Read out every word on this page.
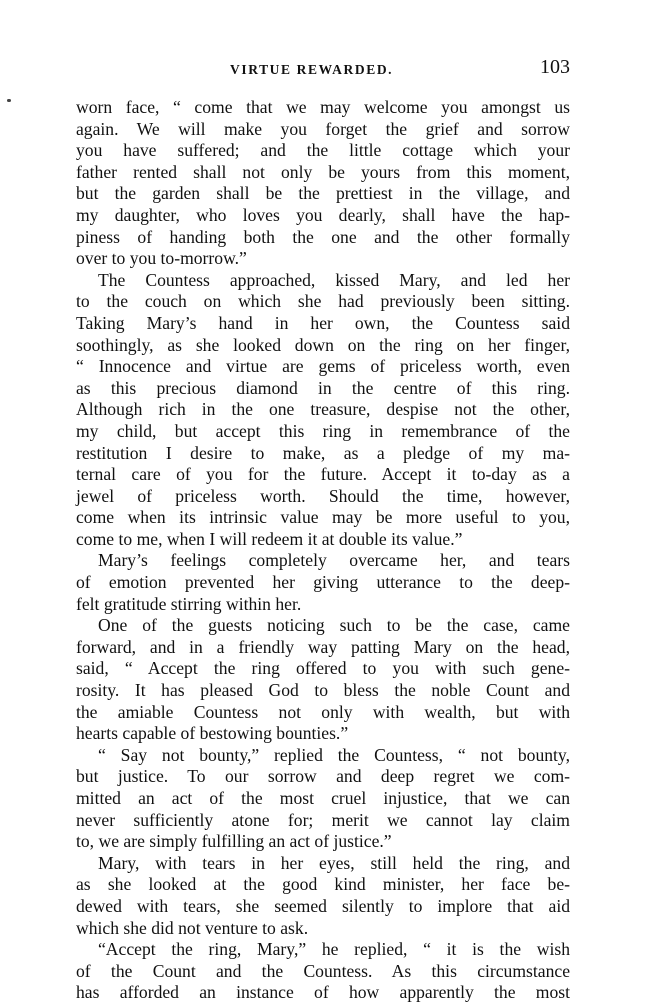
VIRTUE REWARDED.	103
worn face, “ come that we may welcome you amongst us
again. We will make you forget the grief and sorrow
you have suffered; and the little cottage which your
father rented shall not only be yours from this moment,
but the garden shall be the prettiest in the village, and
my daughter, who loves you dearly, shall have the hap-
piness of handing both the one and the other formally
over to you to-morrow.”
The Countess approached, kissed Mary, and led her
to the couch on which she had previously been sitting.
Taking Mary’s hand in her own, the Countess said
soothingly, as she looked down on the ring on her finger,
“ Innocence and virtue are gems of priceless worth, even
as this precious diamond in the centre of this ring.
Although rich in the one treasure, despise not the other,
my child, but accept this ring in remembrance of the
restitution I desire to make, as a pledge of my ma-
ternal care of you for the future. Accept it to-day as a
jewel of priceless worth. Should the time, however,
come when its intrinsic value may be more useful to you,
come to me, when I will redeem it at double its value.”
Mary’s feelings completely overcame her, and tears
of emotion prevented her giving utterance to the deep-
felt gratitude stirring within her.
One of the guests noticing such to be the case, came
forward, and in a friendly way patting Mary on the head,
said, “ Accept the ring offered to you with such gene-
rosity. It has pleased God to bless the noble Count and
the amiable Countess not only with wealth, but with
hearts capable of bestowing bounties.”
“ Say not bounty,” replied the Countess, “ not bounty,
but justice. To our sorrow and deep regret we com-
mitted an act of the most cruel injustice, that we can
never sufficiently atone for; merit we cannot lay claim
to, we are simply fulfilling an act of justice.”
Mary, with tears in her eyes, still held the ring, and
as she looked at the good kind minister, her face be-
dewed with tears, she seemed silently to implore that aid
which she did not venture to ask.
“Accept the ring, Mary,” he replied, “ it is the wish
of the Count and the Countess. As this circumstance
has afforded an instance of how apparently the most
